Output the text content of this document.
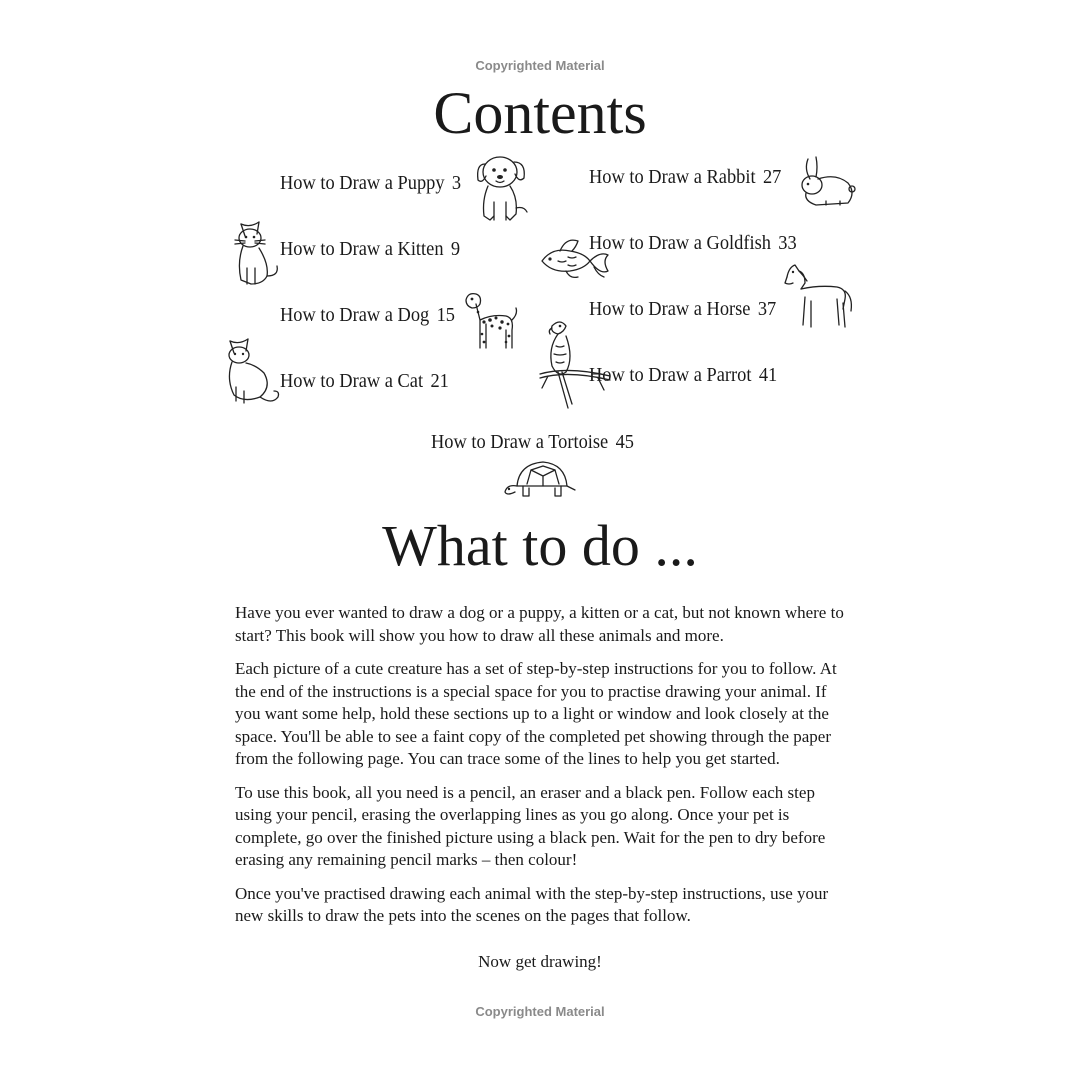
Copyrighted Material
Contents
How to Draw a Puppy 3
How to Draw a Kitten 9
How to Draw a Dog 15
How to Draw a Cat 21
How to Draw a Rabbit 27
How to Draw a Goldfish 33
How to Draw a Horse 37
How to Draw a Parrot 41
How to Draw a Tortoise 45
What to do ...

Have you ever wanted to draw a dog or a puppy, a kitten or a cat, but not known where to start? This book will show you how to draw all these animals and more.

Each picture of a cute creature has a set of step-by-step instructions for you to follow. At the end of the instructions is a special space for you to practise drawing your animal. If you want some help, hold these sections up to a light or window and look closely at the space. You'll be able to see a faint copy of the completed pet showing through the paper from the following page. You can trace some of the lines to help you get started.

To use this book, all you need is a pencil, an eraser and a black pen. Follow each step using your pencil, erasing the overlapping lines as you go along. Once your pet is complete, go over the finished picture using a black pen. Wait for the pen to dry before erasing any remaining pencil marks – then colour!

Once you've practised drawing each animal with the step-by-step instructions, use your new skills to draw the pets into the scenes on the pages that follow.

Now get drawing!
Copyrighted Material
